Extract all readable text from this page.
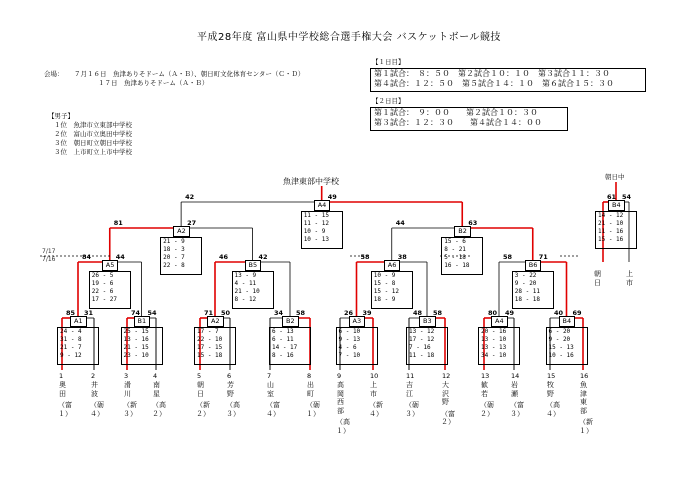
平成28年度 富山県中学校総合選手権大会 バスケットボール競技
会場： ７月１６日　魚津ありそドーム（Ａ・Ｂ）、朝日町文化体育センター（Ｃ・Ｄ）
１７日　魚津ありそドーム（Ａ・Ｂ）
【１日目】
第１試合：　８：５０　第２試合１０：１０　第３試合１１：３０
第４試合：１２：５０　第５試合１４：１０　第６試合１５：３０
【２日目】
第１試合：　９：００　　第２試合１０：３０
第３試合：１２：３０　　第４試合１４：００
【男子】
１位　魚津市立東部中学校
２位　富山市立奥田中学校
３位　朝日町立朝日中学校
３位　上市町立上市中学校
魚津東部中学校
7/17
7/16
1
奥田
（富１）
2
井波
（砺４）
3
滑川
（新３）
4
南星
（高２）
5
朝日
（新２）
6
芳野
（高３）
7
山室
（富４）
8
出町
（砺１）
9
高岡西部
（高１）
10
上市
（新４）
11
吉江
（砺３）
12
大沢野
（富２）
13
歓若
（砺２）
14
岩瀬
（富３）
15
牧野
（高４）
16
魚津東部
（新１）
A1
85 31
24 - 4
31 - 8
21 - 7
9 - 12
B1
74 54
25 - 15
13 - 16
21 - 15
23 - 10
A2
71 50
17 - 7
22 - 10
17 - 15
15 - 18
B2
34 58
6 - 13
6 - 11
14 - 17
8 - 16
A3
26 39
6 - 10
9 - 13
4 - 6
7 - 10
B3
48 58
13 - 12
17 - 12
7 - 16
11 - 18
A4
80 49
20 - 16
13 - 10
13 - 13
34 - 10
B4
40 69
6 - 20
9 - 20
15 - 13
10 - 16
A5
84	44
26 - 5
19 - 6
22 - 6
17 - 27
B5
46	42
13 - 9
4 - 11
21 - 10
8 - 12
A6
58	38
10 - 9
15 - 8
15 - 12
18 - 9
B6
58	71
3 - 22
9 - 20
28 - 11
18 - 18
A2
81	27
21 - 9
18 - 3
20 - 7
22 - 8
B2
44	63
15 - 6
8 - 21
5 - 18
16 - 18
A4
42	49
11 - 15
11 - 12
10 - 9
10 - 13
B4
61 54
14 - 12
21 - 10
11 - 16
15 - 16
朝日中
朝日
上市
